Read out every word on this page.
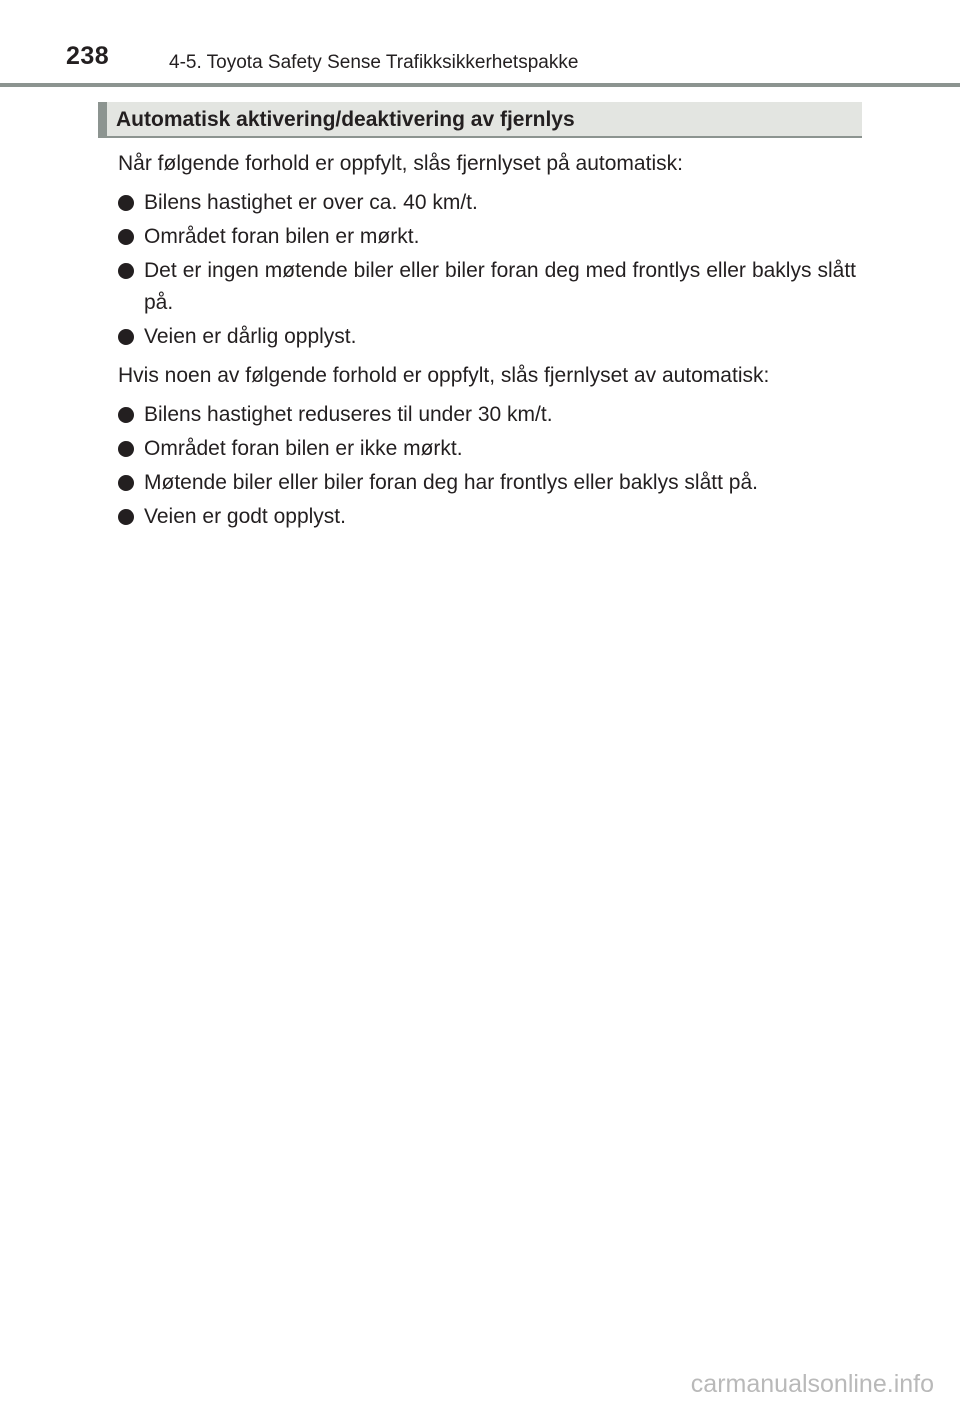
238	4-5. Toyota Safety Sense Trafikksikkerhetspakke
Automatisk aktivering/deaktivering av fjernlys

Når følgende forhold er oppfylt, slås fjernlyset på automatisk:

Bilens hastighet er over ca. 40 km/t.
Området foran bilen er mørkt.
Det er ingen møtende biler eller biler foran deg med frontlys eller baklys slått på.
Veien er dårlig opplyst.

Hvis noen av følgende forhold er oppfylt, slås fjernlyset av automatisk:

Bilens hastighet reduseres til under 30 km/t.
Området foran bilen er ikke mørkt.
Møtende biler eller biler foran deg har frontlys eller baklys slått på.
Veien er godt opplyst.
carmanualsonline.info
